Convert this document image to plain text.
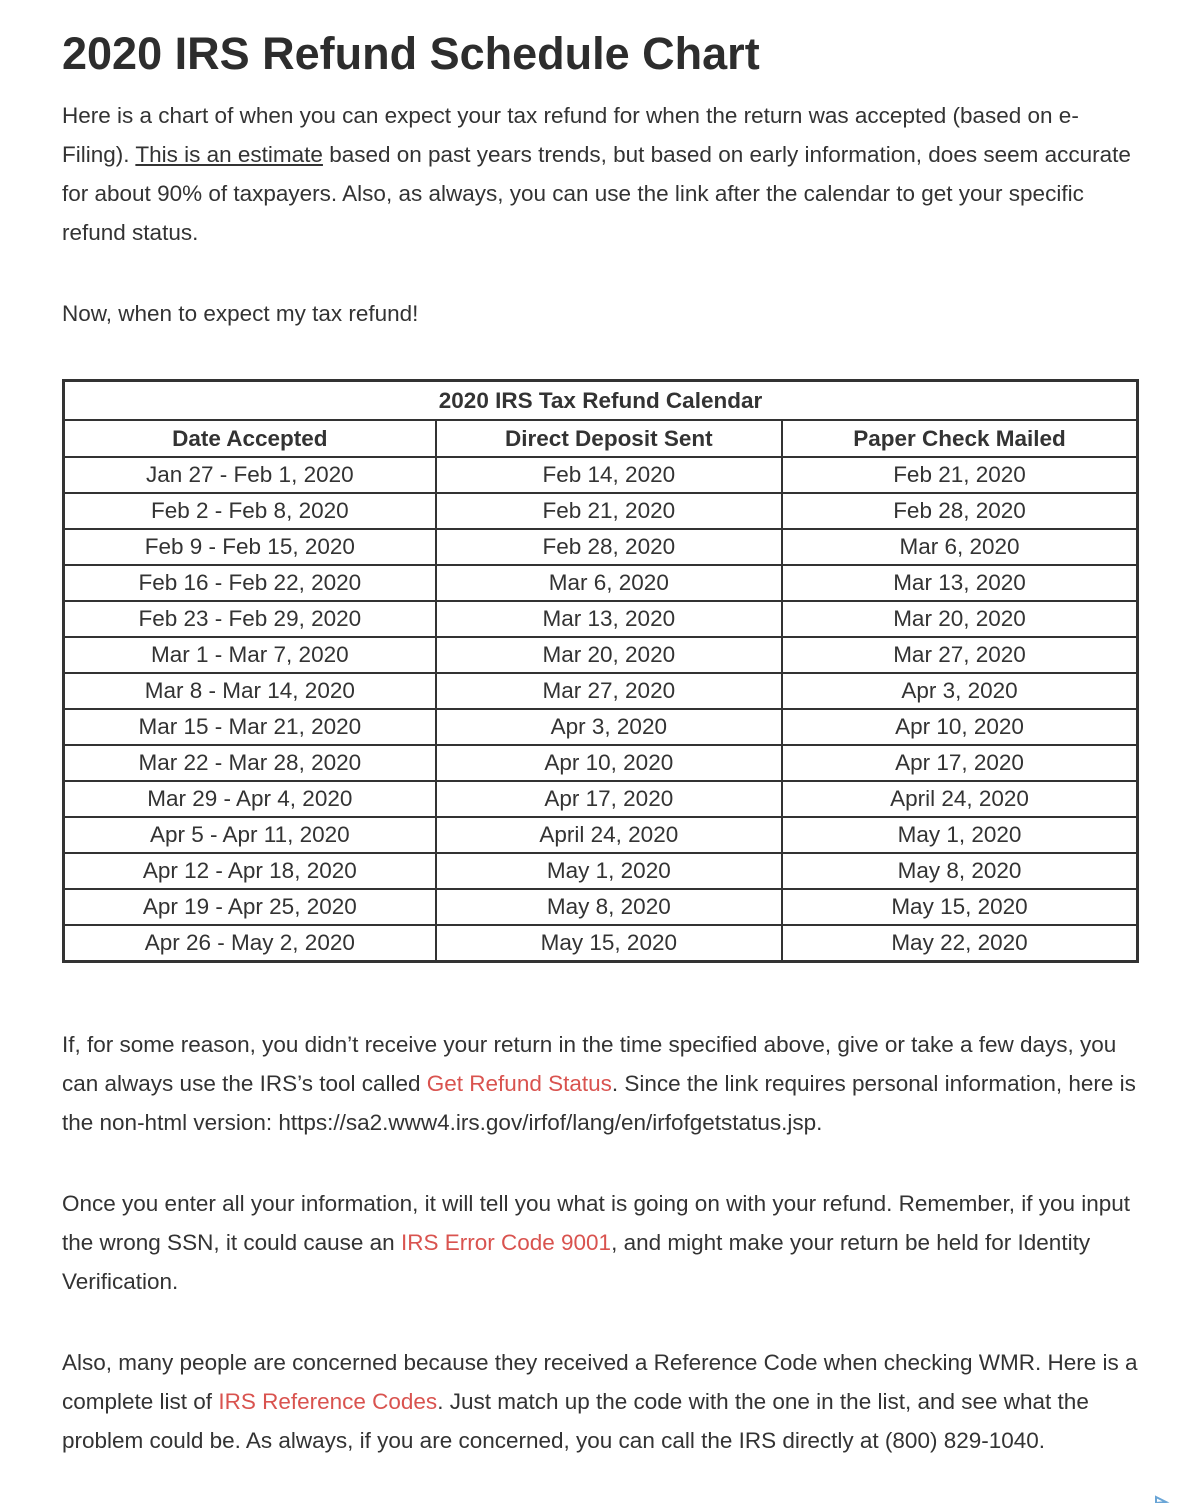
2020 IRS Refund Schedule Chart

Here is a chart of when you can expect your tax refund for when the return was accepted (based on e-Filing). This is an estimate based on past years trends, but based on early information, does seem accurate for about 90% of taxpayers. Also, as always, you can use the link after the calendar to get your specific refund status.

Now, when to expect my tax refund!

2020 IRS Tax Refund Calendar		
Date Accepted	Direct Deposit Sent	Paper Check Mailed
Jan 27 - Feb 1, 2020	Feb 14, 2020	Feb 21, 2020
Feb 2 - Feb 8, 2020	Feb 21, 2020	Feb 28, 2020
Feb 9 - Feb 15, 2020	Feb 28, 2020	Mar 6, 2020
Feb 16 - Feb 22, 2020	Mar 6, 2020	Mar 13, 2020
Feb 23 - Feb 29, 2020	Mar 13, 2020	Mar 20, 2020
Mar 1 - Mar 7, 2020	Mar 20, 2020	Mar 27, 2020
Mar 8 - Mar 14, 2020	Mar 27, 2020	Apr 3, 2020
Mar 15 - Mar 21, 2020	Apr 3, 2020	Apr 10, 2020
Mar 22 - Mar 28, 2020	Apr 10, 2020	Apr 17, 2020
Mar 29 - Apr 4, 2020	Apr 17, 2020	April 24, 2020
Apr 5 - Apr 11, 2020	April 24, 2020	May 1, 2020
Apr 12 - Apr 18, 2020	May 1, 2020	May 8, 2020
Apr 19 - Apr 25, 2020	May 8, 2020	May 15, 2020
Apr 26 - May 2, 2020	May 15, 2020	May 22, 2020

If, for some reason, you didn’t receive your return in the time specified above, give or take a few days, you can always use the IRS’s tool called Get Refund Status. Since the link requires personal information, here is the non-html version: https://sa2.www4.irs.gov/irfof/lang/en/irfofgetstatus.jsp.

Once you enter all your information, it will tell you what is going on with your refund. Remember, if you input the wrong SSN, it could cause an IRS Error Code 9001, and might make your return be held for Identity Verification.

Also, many people are concerned because they received a Reference Code when checking WMR. Here is a complete list of IRS Reference Codes. Just match up the code with the one in the list, and see what the problem could be. As always, if you are concerned, you can call the IRS directly at (800) 829-1040.
